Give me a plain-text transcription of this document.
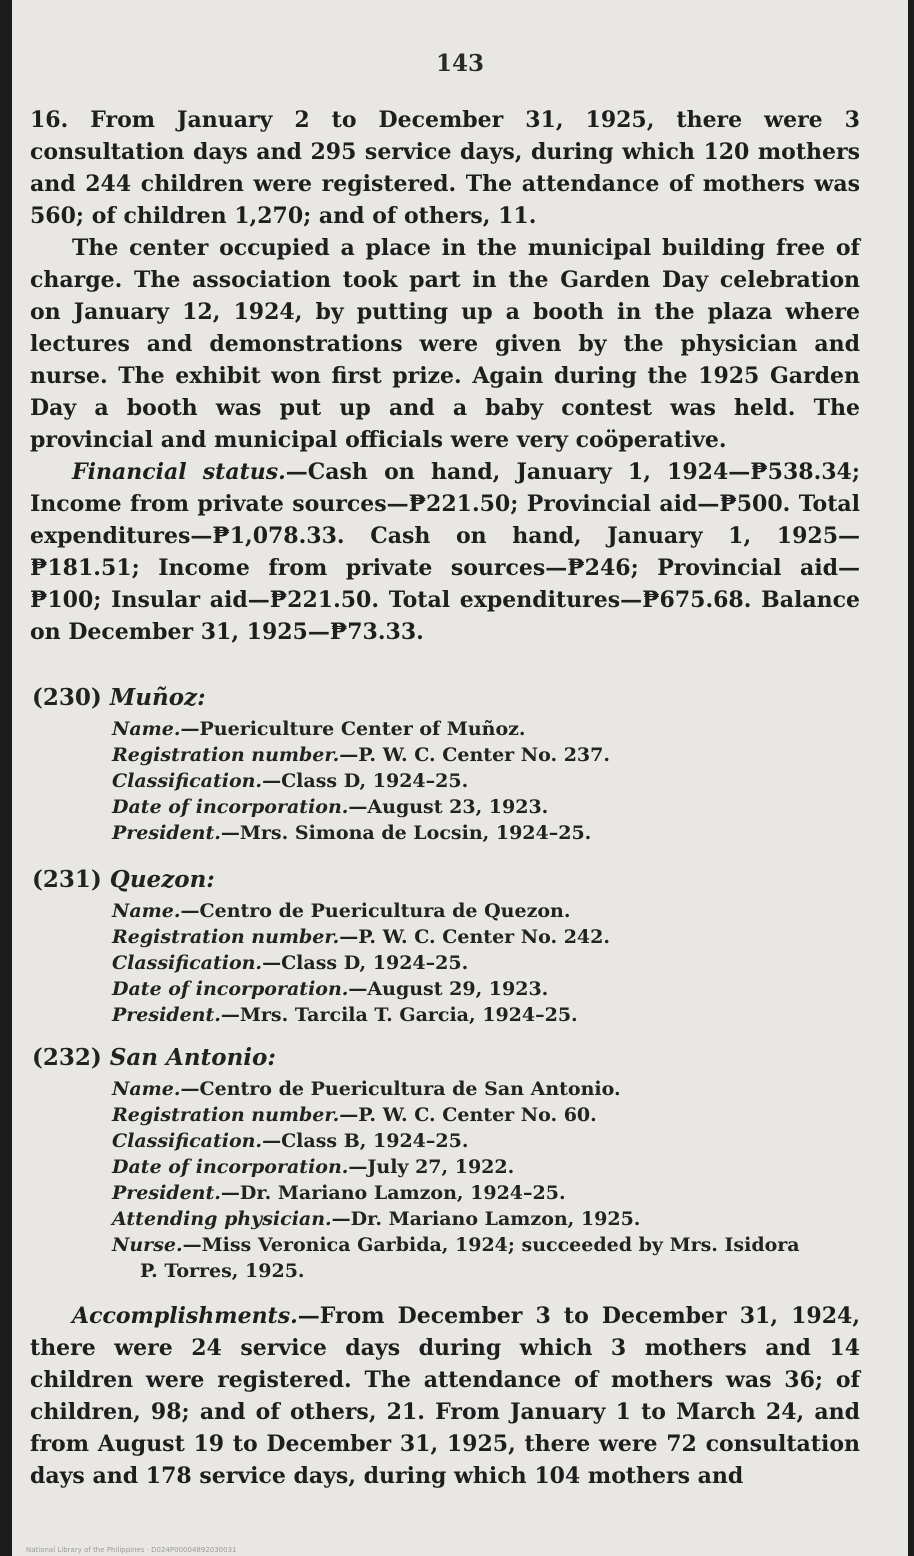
143

16. From January 2 to December 31, 1925, there were 3 consultation days and 295 service days, during which 120 mothers and 244 children were registered. The attendance of mothers was 560; of children 1,270; and of others, 11.

The center occupied a place in the municipal building free of charge. The association took part in the Garden Day celebration on January 12, 1924, by putting up a booth in the plaza where lectures and demonstrations were given by the physician and nurse. The exhibit won first prize. Again during the 1925 Garden Day a booth was put up and a baby contest was held. The provincial and municipal officials were very coöperative.

Financial status.—Cash on hand, January 1, 1924—₱538.34; Income from private sources—₱221.50; Provincial aid—₱500. Total expenditures—₱1,078.33. Cash on hand, January 1, 1925—₱181.51; Income from private sources—₱246; Provincial aid—₱100; Insular aid—₱221.50. Total expenditures—₱675.68. Balance on December 31, 1925—₱73.33.

(230) Muñoz:
Name.—Puericulture Center of Muñoz.
Registration number.—P. W. C. Center No. 237.
Classification.—Class D, 1924–25.
Date of incorporation.—August 23, 1923.
President.—Mrs. Simona de Locsin, 1924–25.
(231) Quezon:
Name.—Centro de Puericultura de Quezon.
Registration number.—P. W. C. Center No. 242.
Classification.—Class D, 1924–25.
Date of incorporation.—August 29, 1923.
President.—Mrs. Tarcila T. Garcia, 1924–25.
(232) San Antonio:
Name.—Centro de Puericultura de San Antonio.
Registration number.—P. W. C. Center No. 60.
Classification.—Class B, 1924–25.
Date of incorporation.—July 27, 1922.
President.—Dr. Mariano Lamzon, 1924–25.
Attending physician.—Dr. Mariano Lamzon, 1925.
Nurse.—Miss Veronica Garbida, 1924; succeeded by Mrs. Isidora
P. Torres, 1925.

Accomplishments.—From December 3 to December 31, 1924, there were 24 service days during which 3 mothers and 14 children were registered. The attendance of mothers was 36; of children, 98; and of others, 21. From January 1 to March 24, and from August 19 to December 31, 1925, there were 72 consultation days and 178 service days, during which 104 mothers and

National Library of the Philippines · D024P00004892030031
